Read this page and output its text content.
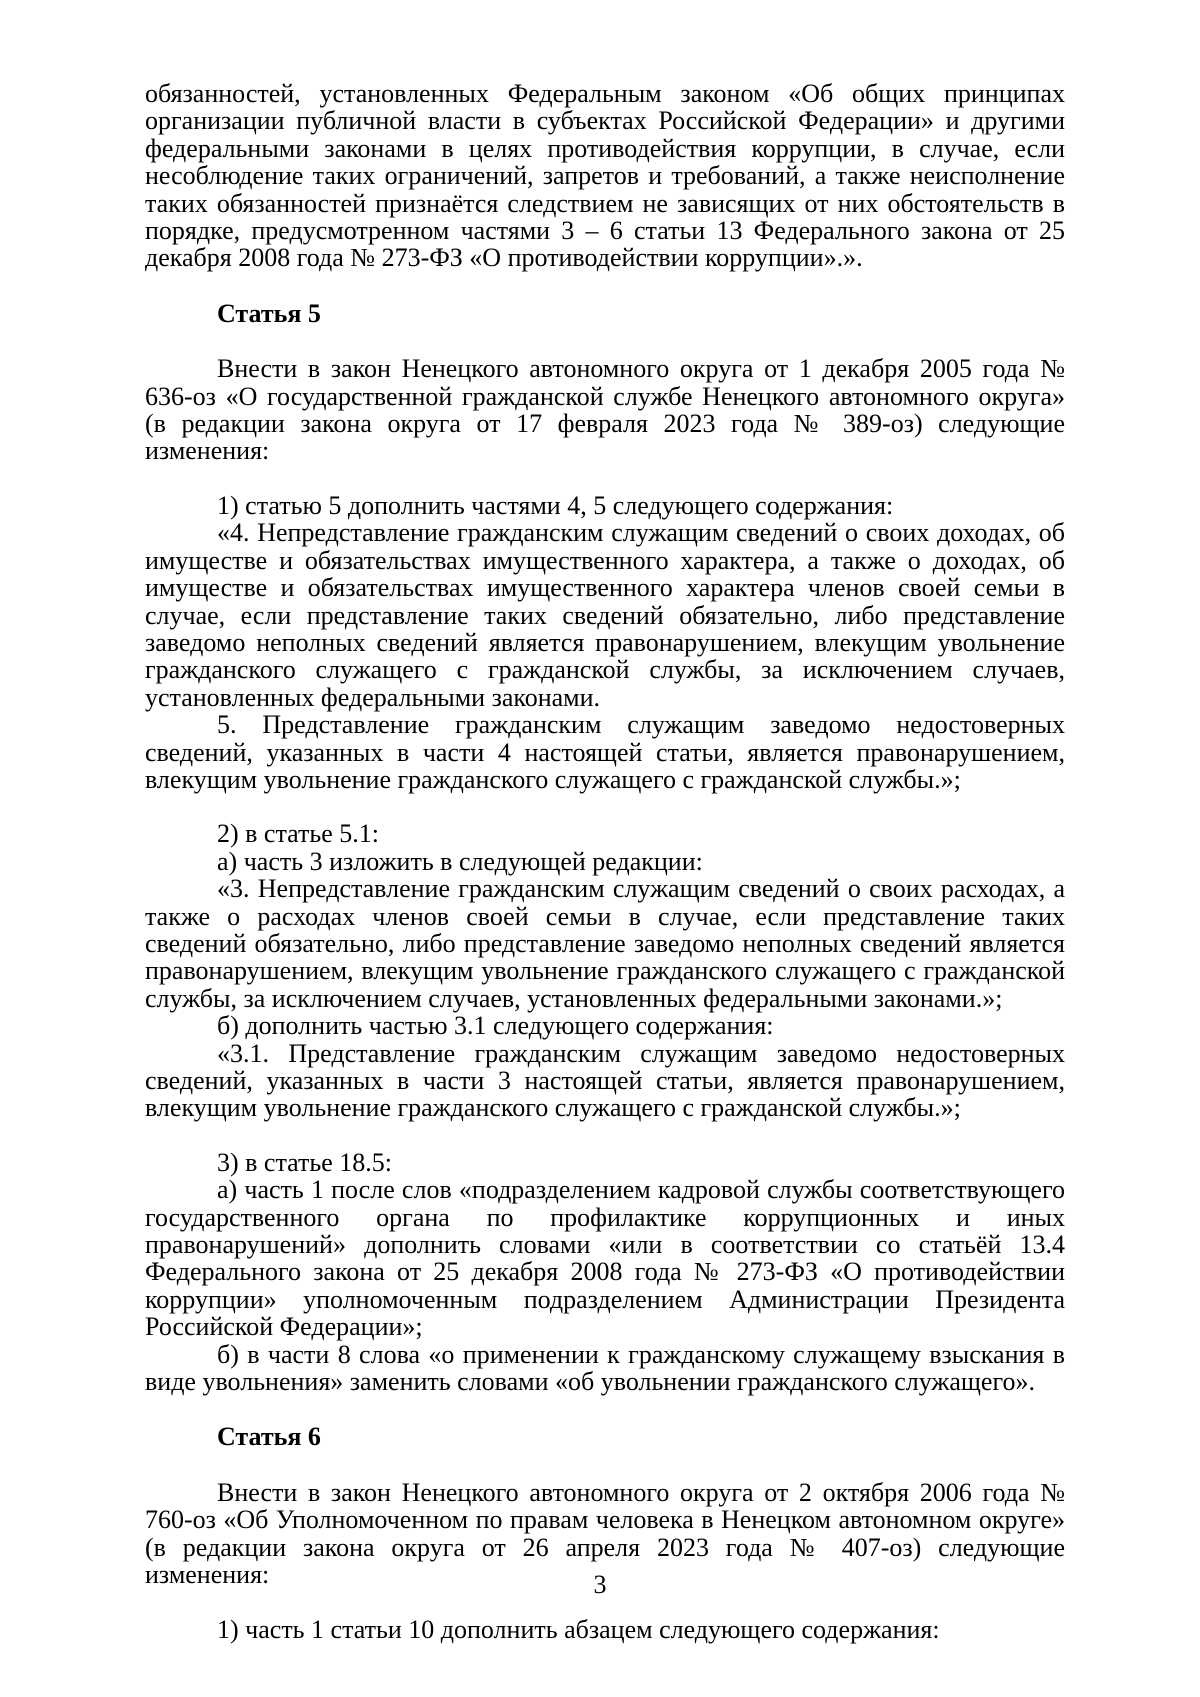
обязанностей, установленных Федеральным законом «Об общих принципах организации публичной власти в субъектах Российской Федерации» и другими федеральными законами в целях противодействия коррупции, в случае, если несоблюдение таких ограничений, запретов и требований, а также неисполнение таких обязанностей признаётся следствием не зависящих от них обстоятельств в порядке, предусмотренном частями 3 – 6 статьи 13 Федерального закона от 25 декабря 2008 года № 273-ФЗ «О противодействии коррупции».».

Статья 5

Внести в закон Ненецкого автономного округа от 1 декабря 2005 года № 636-оз «О государственной гражданской службе Ненецкого автономного округа» (в редакции закона округа от 17 февраля 2023 года № 389-оз) следующие изменения:

1) статью 5 дополнить частями 4, 5 следующего содержания:

«4. Непредставление гражданским служащим сведений о своих доходах, об имуществе и обязательствах имущественного характера, а также о доходах, об имуществе и обязательствах имущественного характера членов своей семьи в случае, если представление таких сведений обязательно, либо представление заведомо неполных сведений является правонарушением, влекущим увольнение гражданского служащего с гражданской службы, за исключением случаев, установленных федеральными законами.

5. Представление гражданским служащим заведомо недостоверных сведений, указанных в части 4 настоящей статьи, является правонарушением, влекущим увольнение гражданского служащего с гражданской службы.»;

2) в статье 5.1:

а) часть 3 изложить в следующей редакции:

«3. Непредставление гражданским служащим сведений о своих расходах, а также о расходах членов своей семьи в случае, если представление таких сведений обязательно, либо представление заведомо неполных сведений является правонарушением, влекущим увольнение гражданского служащего с гражданской службы, за исключением случаев, установленных федеральными законами.»;

б) дополнить частью 3.1 следующего содержания:

«3.1. Представление гражданским служащим заведомо недостоверных сведений, указанных в части 3 настоящей статьи, является правонарушением, влекущим увольнение гражданского служащего с гражданской службы.»;

3) в статье 18.5:

а) часть 1 после слов «подразделением кадровой службы соответствующего государственного органа по профилактике коррупционных и иных правонарушений» дополнить словами «или в соответствии со статьёй 13.4 Федерального закона от 25 декабря 2008 года № 273-ФЗ «О противодействии коррупции» уполномоченным подразделением Администрации Президента Российской Федерации»;

б) в части 8 слова «о применении к гражданскому служащему взыскания в виде увольнения» заменить словами «об увольнении гражданского служащего».

Статья 6

Внести в закон Ненецкого автономного округа от 2 октября 2006 года № 760-оз «Об Уполномоченном по правам человека в Ненецком автономном округе» (в редакции закона округа от 26 апреля 2023 года № 407-оз) следующие изменения:

1) часть 1 статьи 10 дополнить абзацем следующего содержания:

3
